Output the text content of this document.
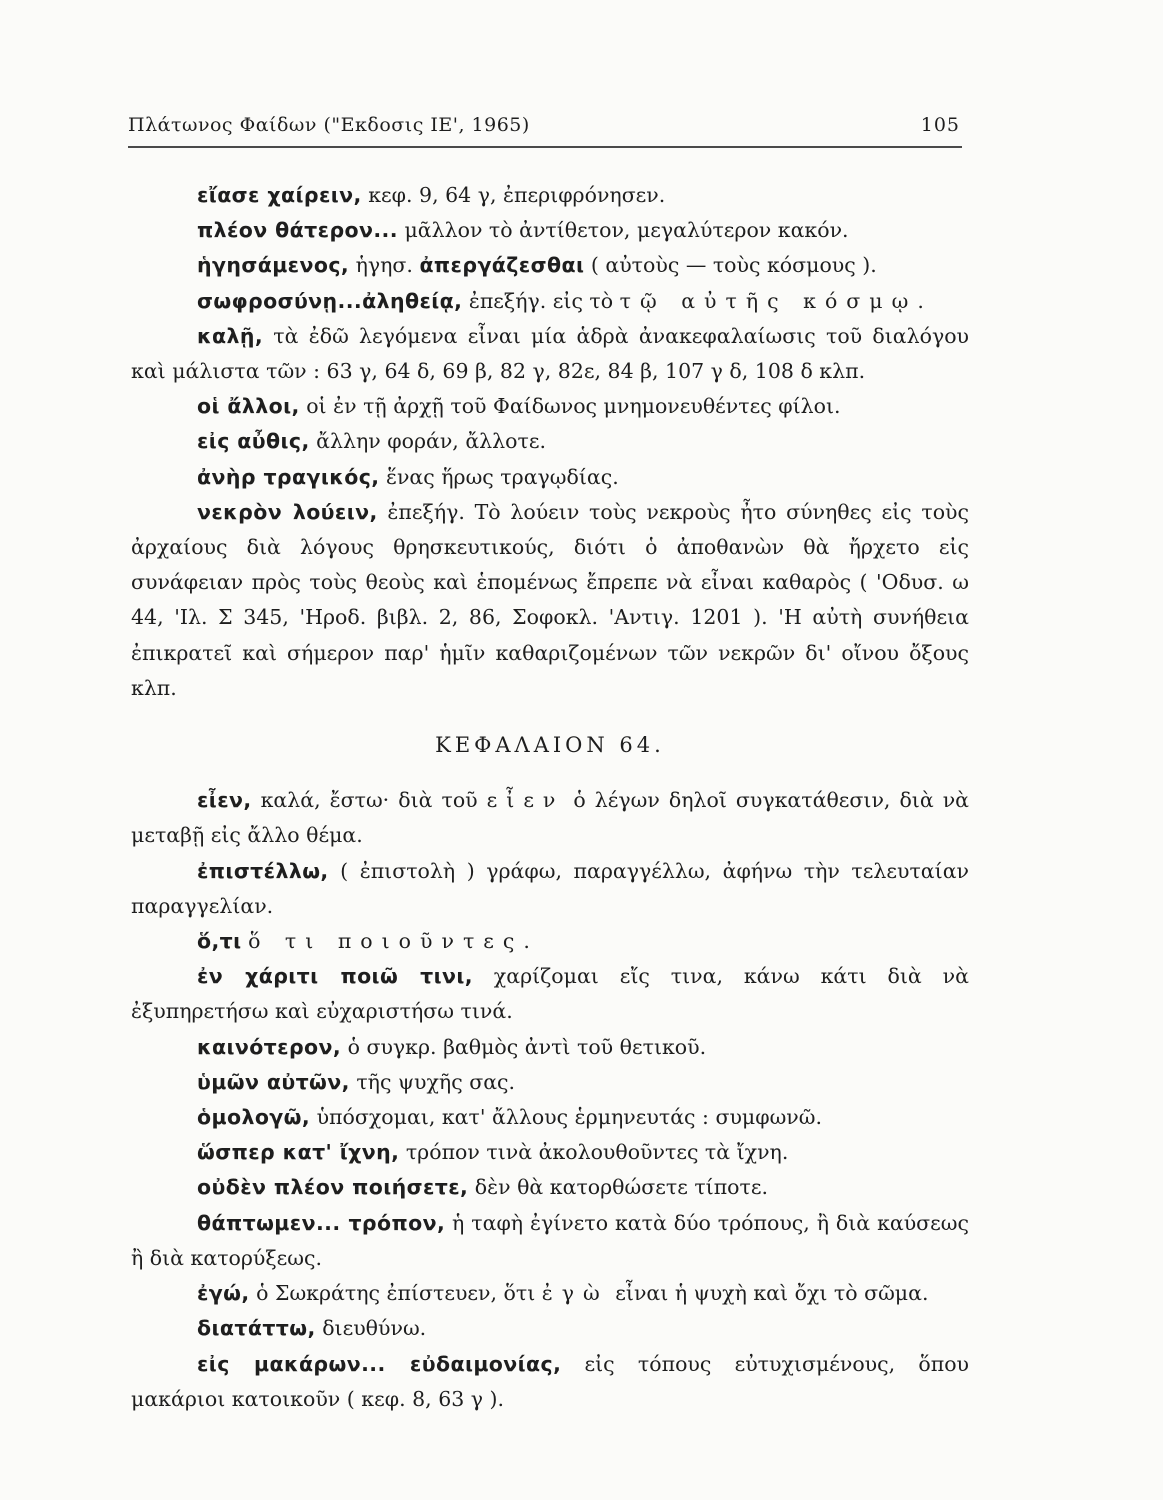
Πλάτωνος Φαίδων ("Εκδοσις ΙΕ', 1965)	105

εἴασε χαίρειν, κεφ. 9, 64 γ, ἐπεριφρόνησεν.

πλέον θάτερον... μᾶλλον τὸ ἀντίθετον, μεγαλύτερον κακόν.

ἡγησάμενος, ἡγησ. ἀπεργάζεσθαι ( αὐτοὺς — τοὺς κόσμους ).

σωφροσύνῃ...ἀληθείᾳ, ἐπεξήγ. εἰς τὸ τῷ αὐτῆς κόσμῳ.

καλῇ, τὰ ἐδῶ λεγόμενα εἶναι μία ἁδρὰ ἀνακεφαλαίωσις τοῦ διαλόγου καὶ μάλιστα τῶν : 63 γ, 64 δ, 69 β, 82 γ, 82ε, 84 β, 107 γ δ, 108 δ κλπ.

οἱ ἄλλοι, οἱ ἐν τῇ ἀρχῇ τοῦ Φαίδωνος μνημονευθέντες φίλοι.

εἰς αὖθις, ἄλλην φοράν, ἄλλοτε.

ἀνὴρ τραγικός, ἕνας ἥρως τραγῳδίας.

νεκρὸν λούειν, ἐπεξήγ. Τὸ λούειν τοὺς νεκροὺς ἦτο σύνηθες εἰς τοὺς ἀρχαίους διὰ λόγους θρησκευτικούς, διότι ὁ ἀποθανὼν θὰ ἤρχετο εἰς συνάφειαν πρὸς τοὺς θεοὺς καὶ ἑπομένως ἔπρεπε νὰ εἶναι καθαρὸς ( 'Οδυσ. ω 44, 'Ιλ. Σ 345, 'Ηροδ. βιβλ. 2, 86, Σοφοκλ. 'Αντιγ. 1201 ). 'Η αὐτὴ συνήθεια ἐπικρατεῖ καὶ σήμερον παρ' ἡμῖν καθαριζομένων τῶν νεκρῶν δι' οἴνου ὄξους κλπ.

ΚΕΦΑΛΑΙΟΝ 64.

εἶεν, καλά, ἔστω· διὰ τοῦ εἶεν ὁ λέγων δηλοῖ συγκατάθεσιν, διὰ νὰ μεταβῇ εἰς ἄλλο θέμα.

ἐπιστέλλω, ( ἐπιστολὴ ) γράφω, παραγγέλλω, ἀφήνω τὴν τελευταίαν παραγγελίαν.

ὅ,τι ὅ τι ποιοῦντες.

ἐν χάριτι ποιῶ τινι, χαρίζομαι εἴς τινα, κάνω κάτι διὰ νὰ ἐξυπηρετήσω καὶ εὐχαριστήσω τινά.

καινότερον, ὁ συγκρ. βαθμὸς ἀντὶ τοῦ θετικοῦ.

ὑμῶν αὐτῶν, τῆς ψυχῆς σας.

ὁμολογῶ, ὑπόσχομαι, κατ' ἄλλους ἑρμηνευτάς : συμφωνῶ.

ὥσπερ κατ' ἴχνη, τρόπον τινὰ ἀκολουθοῦντες τὰ ἴχνη.

οὐδὲν πλέον ποιήσετε, δὲν θὰ κατορθώσετε τίποτε.

θάπτωμεν... τρόπον, ἡ ταφὴ ἐγίνετο κατὰ δύο τρόπους, ἢ διὰ καύσεως ἢ διὰ κατορύξεως.

ἐγώ, ὁ Σωκράτης ἐπίστευεν, ὅτι ἐγὼ εἶναι ἡ ψυχὴ καὶ ὄχι τὸ σῶμα.

διατάττω, διευθύνω.

εἰς μακάρων... εὐδαιμονίας, εἰς τόπους εὐτυχισμένους, ὅπου μακάριοι κατοικοῦν ( κεφ. 8, 63 γ ).
